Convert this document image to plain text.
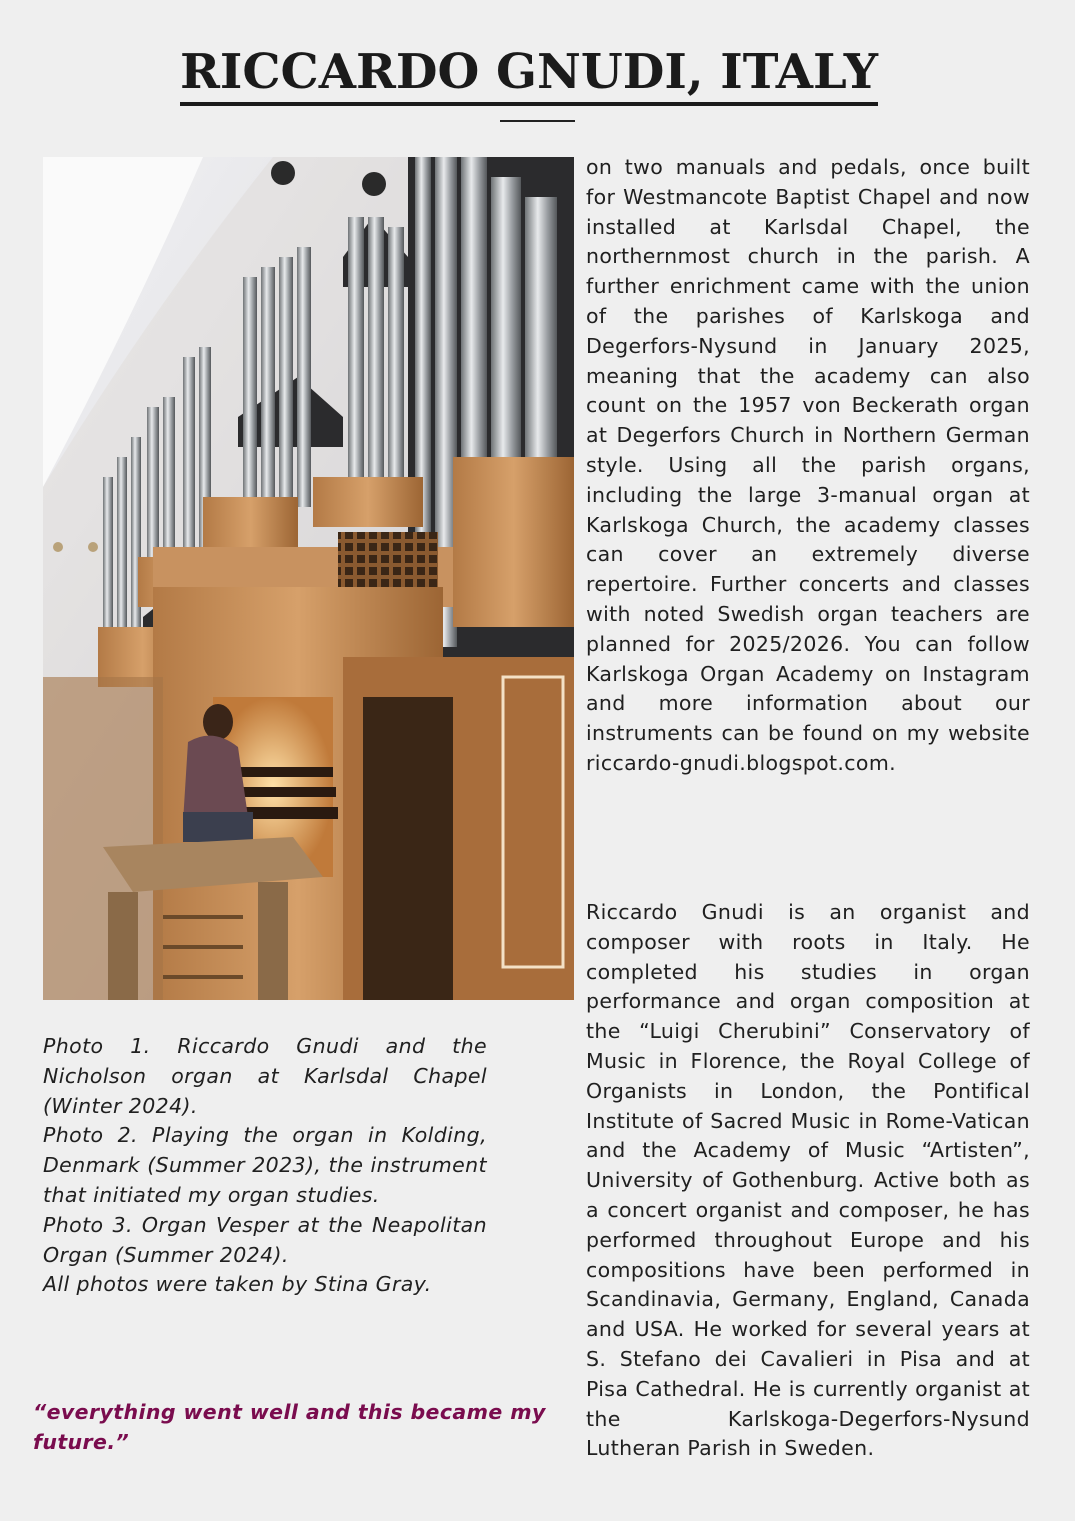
RICCARDO GNUDI, ITALY

on two manuals and pedals, once built for Westmancote Baptist Chapel and now installed at Karlsdal Chapel, the northernmost church in the parish. A further enrichment came with the union of the parishes of Karlskoga and Degerfors-Nysund in January 2025, meaning that the academy can also count on the 1957 von Beckerath organ at Degerfors Church in Northern German style. Using all the parish organs, including the large 3-manual organ at Karlskoga Church, the academy classes can cover an extremely diverse repertoire. Further concerts and classes with noted Swedish organ teachers are planned for 2025/2026. You can follow Karlskoga Organ Academy on Instagram and more information about our instruments can be found on my website riccardo-gnudi.blogspot.com.

Riccardo Gnudi is an organist and composer with roots in Italy. He completed his studies in organ performance and organ composition at the “Luigi Cherubini” Conservatory of Music in Florence, the Royal College of Organists in London, the Pontifical Institute of Sacred Music in Rome-Vatican and the Academy of Music “Artisten”, University of Gothenburg. Active both as a concert organist and composer, he has performed throughout Europe and his compositions have been performed in Scandinavia, Germany, England, Canada and USA. He worked for several years at S. Stefano dei Cavalieri in Pisa and at Pisa Cathedral. He is currently organist at the Karlskoga-Degerfors-Nysund Lutheran Parish in Sweden.

Photo 1. Riccardo Gnudi and the Nicholson organ at Karlsdal Chapel (Winter 2024).

Photo 2. Playing the organ in Kolding, Denmark (Summer 2023), the instrument that initiated my organ studies.

Photo 3. Organ Vesper at the Neapolitan Organ (Summer 2024).

All photos were taken by Stina Gray.

“everything went well and this became my future.”
